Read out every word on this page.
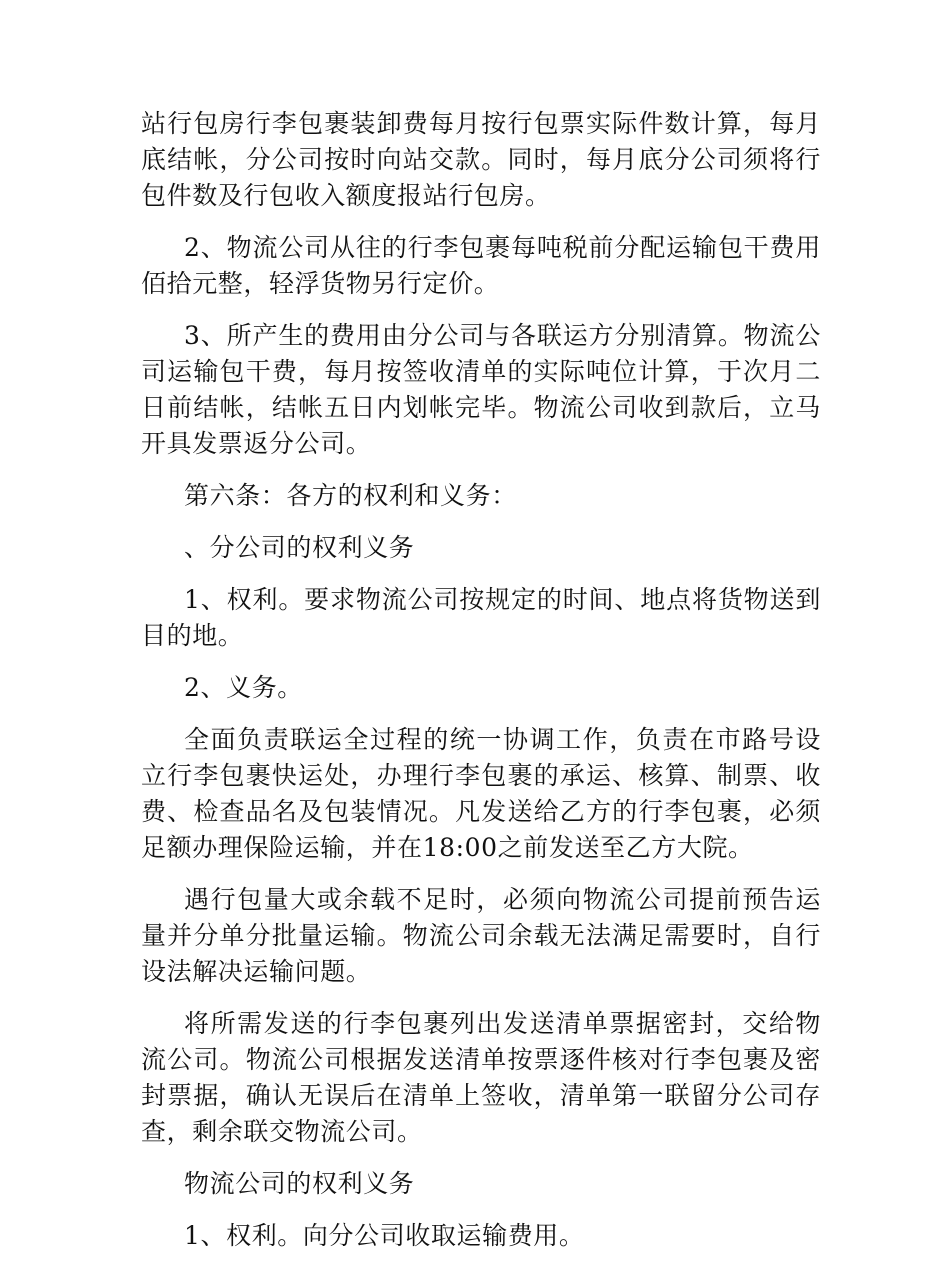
站行包房行李包裹装卸费每月按行包票实际件数计算，每月底结帐，分公司按时向站交款。同时，每月底分公司须将行包件数及行包收入额度报站行包房。

2、物流公司从往的行李包裹每吨税前分配运输包干费用佰拾元整，轻浮货物另行定价。

3、所产生的费用由分公司与各联运方分别清算。物流公司运输包干费，每月按签收清单的实际吨位计算，于次月二日前结帐，结帐五日内划帐完毕。物流公司收到款后，立马开具发票返分公司。

第六条：各方的权利和义务：

、分公司的权利义务

1、权利。要求物流公司按规定的时间、地点将货物送到目的地。

2、义务。

全面负责联运全过程的统一协调工作，负责在市路号设立行李包裹快运处，办理行李包裹的承运、核算、制票、收费、检查品名及包装情况。凡发送给乙方的行李包裹，必须足额办理保险运输，并在18:00之前发送至乙方大院。

遇行包量大或余载不足时，必须向物流公司提前预告运量并分单分批量运输。物流公司余载无法满足需要时，自行设法解决运输问题。

将所需发送的行李包裹列出发送清单票据密封，交给物流公司。物流公司根据发送清单按票逐件核对行李包裹及密封票据，确认无误后在清单上签收，清单第一联留分公司存查，剩余联交物流公司。

物流公司的权利义务

1、权利。向分公司收取运输费用。
